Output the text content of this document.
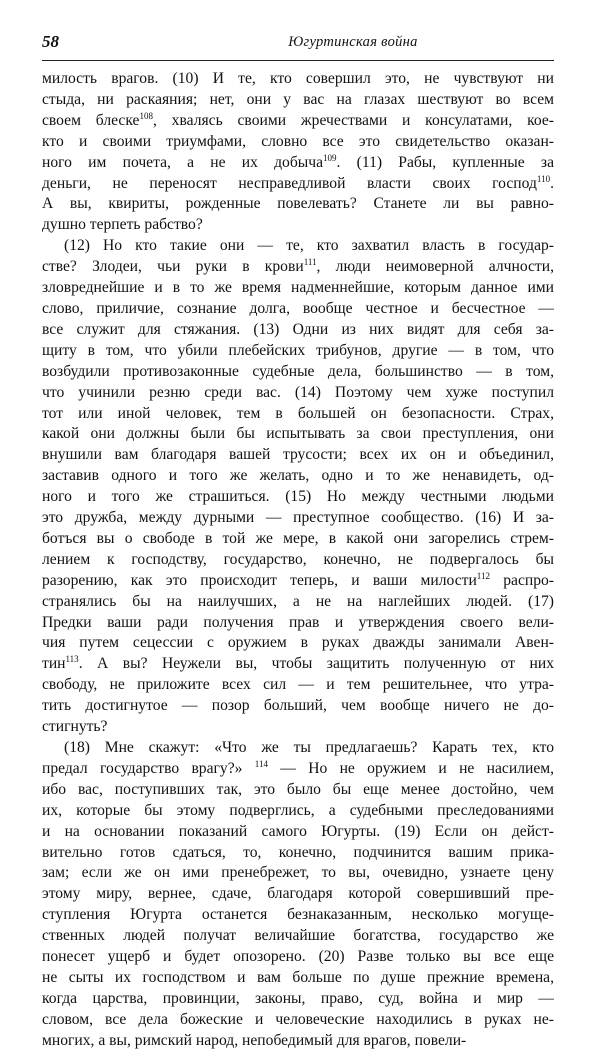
58	Югуртинская война
милость врагов. (10) И те, кто совершил это, не чувствуют ни
стыда, ни раскаяния; нет, они у вас на глазах шествуют во всем
своем блеске$^{108}$, хвалясь своими жречествами и консулатами, кое-
кто и своими триумфами, словно все это свидетельство оказан-
ного им почета, а не их добыча$^{109}$. (11) Рабы, купленные за
деньги, не переносят несправедливой власти своих господ$^{110}$.
А вы, квириты, рожденные повелевать? Станете ли вы равно-
душно терпеть рабство?
(12) Но кто такие они — те, кто захватил власть в государ-
стве? Злодеи, чьи руки в крови$^{111}$, люди неимоверной алчности,
зловреднейшие и в то же время надменнейшие, которым данное ими
слово, приличие, сознание долга, вообще честное и бесчестное —
все служит для стяжания. (13) Одни из них видят для себя за-
щиту в том, что убили плебейских трибунов, другие — в том, что
возбудили противозаконные судебные дела, большинство — в том,
что учинили резню среди вас. (14) Поэтому чем хуже поступил
тот или иной человек, тем в большей он безопасности. Страх,
какой они должны были бы испытывать за свои преступления, они
внушили вам благодаря вашей трусости; всех их он и объединил,
заставив одного и того же желать, одно и то же ненавидеть, од-
ного и того же страшиться. (15) Но между честными людьми
это дружба, между дурными — преступное сообщество. (16) И за-
ботъся вы о свободе в той же мере, в какой они загорелись стрем-
лением к господству, государство, конечно, не подвергалось бы
разорению, как это происходит теперь, и ваши милости$^{112}$ распро-
странялись бы на наилучших, а не на наглейших людей. (17)
Предки ваши ради получения прав и утверждения своего вели-
чия путем сецессии с оружием в руках дважды занимали Авен-
тин$^{113}$. А вы? Неужели вы, чтобы защитить полученную от них
свободу, не приложите всех сил — и тем решительнее, что утра-
тить достигнутое — позор больший, чем вообще ничего не до-
стигнуть?
(18) Мне скажут: «Что же ты предлагаешь? Карать тех, кто
предал государство врагу?» $^{114}$ — Но не оружием и не насилием,
ибо вас, поступивших так, это было бы еще менее достойно, чем
их, которые бы этому подверглись, а судебными преследованиями
и на основании показаний самого Югурты. (19) Если он дейст-
вительно готов сдаться, то, конечно, подчинится вашим прика-
зам; если же он ими пренебрежет, то вы, очевидно, узнаете цену
этому миру, вернее, сдаче, благодаря которой совершивший пре-
ступления Югурта останется безнаказанным, несколько могуще-
ственных людей получат величайшие богатства, государство же
понесет ущерб и будет опозорено. (20) Разве только вы все еще
не сыты их господством и вам больше по душе прежние времена,
когда царства, провинции, законы, право, суд, война и мир —
словом, все дела божеские и человеческие находились в руках не-
многих, а вы, римский народ, непобедимый для врагов, повели-
